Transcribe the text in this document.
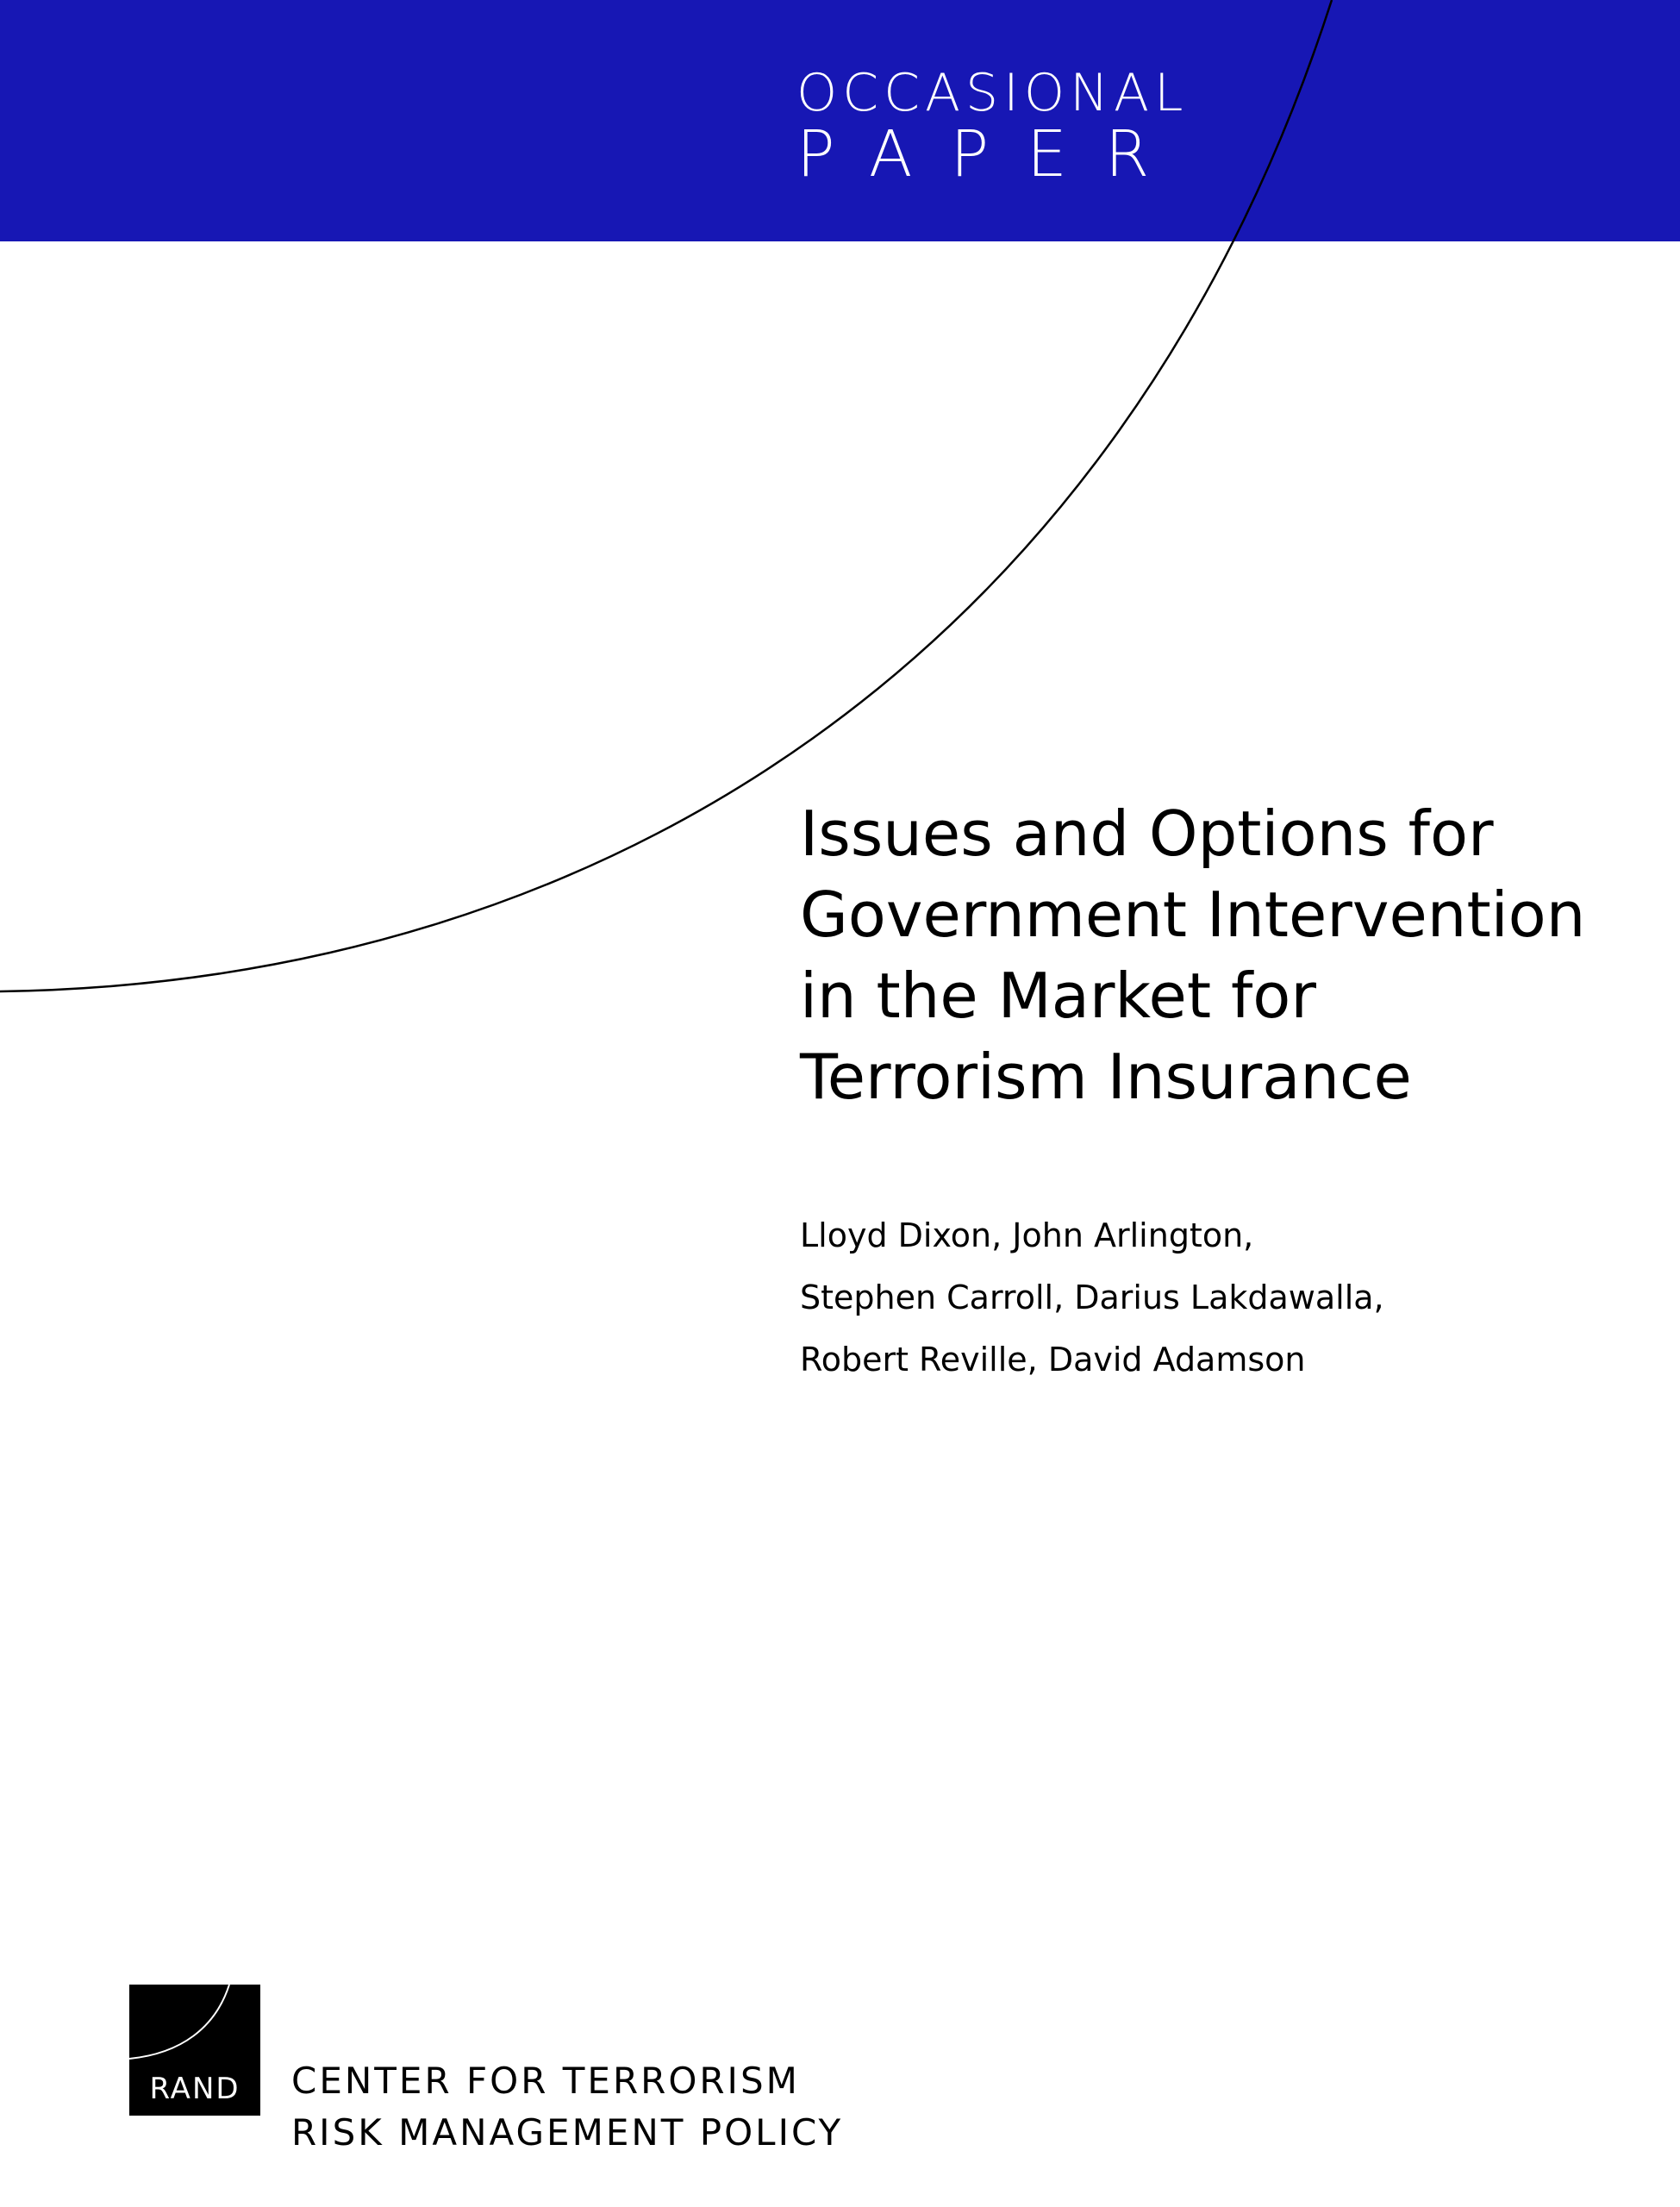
OCCASIONAL
PAPER
Issues and Options for
Government Intervention
in the Market for
Terrorism Insurance
Lloyd Dixon, John Arlington,
Stephen Carroll, Darius Lakdawalla,
Robert Reville, David Adamson
RAND	CENTER FOR TERRORISM
RISK MANAGEMENT POLICY
